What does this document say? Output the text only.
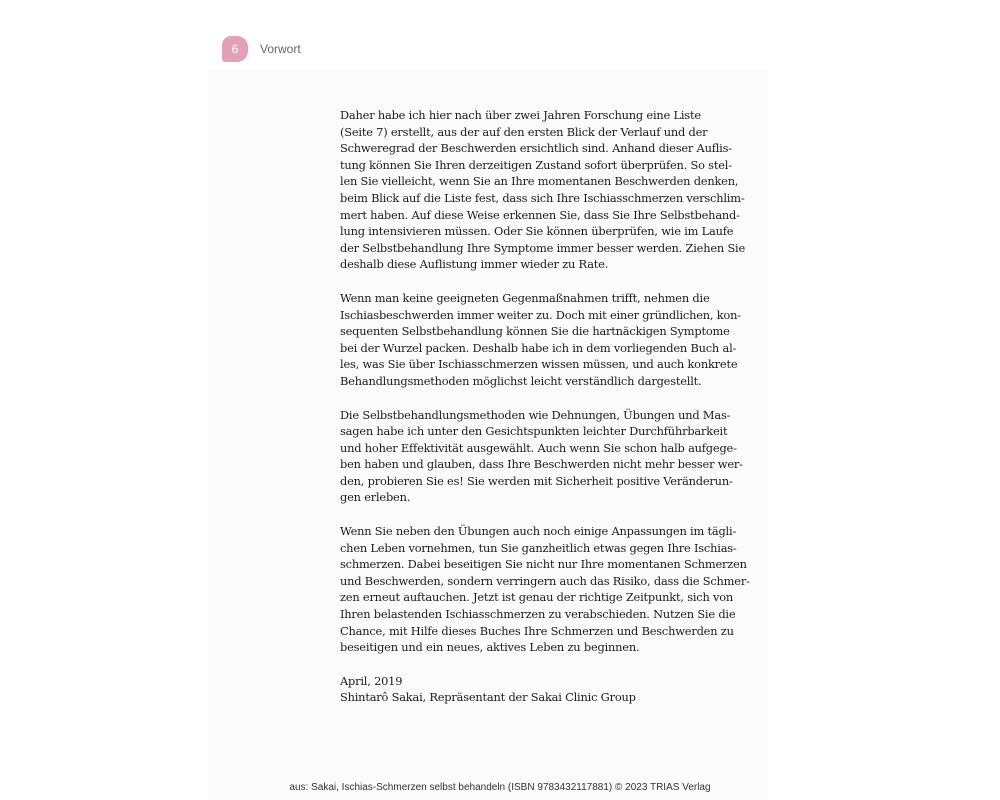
6	Vorwort

Daher habe ich hier nach über zwei Jahren Forschung eine Liste
(Seite 7) erstellt, aus der auf den ersten Blick der Verlauf und der
Schweregrad der Beschwerden ersichtlich sind. Anhand dieser Auflis-
tung können Sie Ihren derzeitigen Zustand sofort überprüfen. So stel-
len Sie vielleicht, wenn Sie an Ihre momentanen Beschwerden denken,
beim Blick auf die Liste fest, dass sich Ihre Ischiasschmerzen verschlim-
mert haben. Auf diese Weise erkennen Sie, dass Sie Ihre Selbstbehand-
lung intensivieren müssen. Oder Sie können überprüfen, wie im Laufe
der Selbstbehandlung Ihre Symptome immer besser werden. Ziehen Sie
deshalb diese Auflistung immer wieder zu Rate.

Wenn man keine geeigneten Gegenmaßnahmen trifft, nehmen die
Ischiasbeschwerden immer weiter zu. Doch mit einer gründlichen, kon-
sequenten Selbstbehandlung können Sie die hartnäckigen Symptome
bei der Wurzel packen. Deshalb habe ich in dem vorliegenden Buch al-
les, was Sie über Ischiasschmerzen wissen müssen, und auch konkrete
Behandlungsmethoden möglichst leicht verständlich dargestellt.

Die Selbstbehandlungsmethoden wie Dehnungen, Übungen und Mas-
sagen habe ich unter den Gesichtspunkten leichter Durchführbarkeit
und hoher Effektivität ausgewählt. Auch wenn Sie schon halb aufgege-
ben haben und glauben, dass Ihre Beschwerden nicht mehr besser wer-
den, probieren Sie es! Sie werden mit Sicherheit positive Veränderun-
gen erleben.

Wenn Sie neben den Übungen auch noch einige Anpassungen im tägli-
chen Leben vornehmen, tun Sie ganzheitlich etwas gegen Ihre Ischias-
schmerzen. Dabei beseitigen Sie nicht nur Ihre momentanen Schmerzen
und Beschwerden, sondern verringern auch das Risiko, dass die Schmer-
zen erneut auftauchen. Jetzt ist genau der richtige Zeitpunkt, sich von
Ihren belastenden Ischiasschmerzen zu verabschieden. Nutzen Sie die
Chance, mit Hilfe dieses Buches Ihre Schmerzen und Beschwerden zu
beseitigen und ein neues, aktives Leben zu beginnen.

April, 2019
Shintarô Sakai, Repräsentant der Sakai Clinic Group
aus: Sakai, Ischias-Schmerzen selbst behandeln (ISBN 9783432117881) © 2023 TRIAS Verlag
